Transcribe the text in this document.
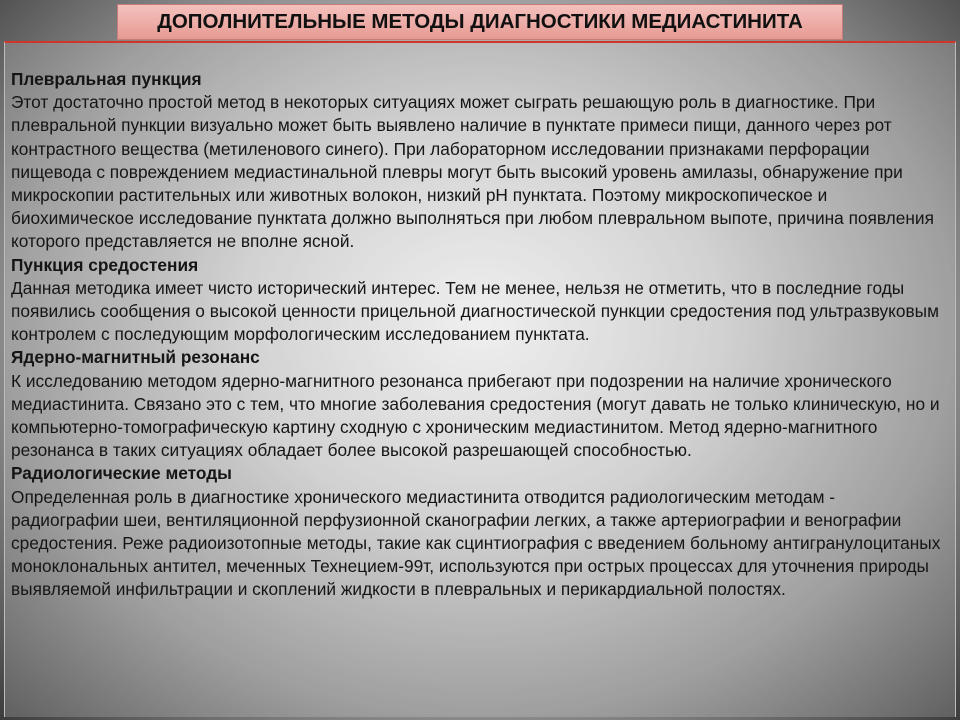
ДОПОЛНИТЕЛЬНЫЕ МЕТОДЫ ДИАГНОСТИКИ МЕДИАСТИНИТА

Плевральная пункция

Этот достаточно простой метод в некоторых ситуациях может сыграть решающую роль в диагностике. При плевральной пункции визуально может быть выявлено наличие в пунктате примеси пищи, данного через рот контрастного вещества (метиленового синего). При лабораторном исследовании признаками перфорации пищевода с повреждением медиастинальной плевры могут быть высокий уровень амилазы, обнаружение при микроскопии растительных или животных волокон, низкий рН пунктата. Поэтому микроскопическое и биохимическое исследование пунктата должно выполняться при любом плевральном выпоте, причина появления которого представляется не вполне ясной.

Пункция средостения

Данная методика имеет чисто исторический интерес. Тем не менее, нельзя не отметить, что в последние годы появились сообщения о высокой ценности прицельной диагностической пункции средостения под ультразвуковым контролем с последующим морфологическим исследованием пунктата.

Ядерно-магнитный резонанс

К исследованию методом ядерно-магнитного резонанса прибегают при подозрении на наличие хронического медиастинита. Связано это с тем, что многие заболевания средостения (могут давать не только клиническую, но и компьютерно-томографическую картину сходную с хроническим медиастинитом. Метод ядерно-магнитного резонанса в таких ситуациях обладает более высокой разрешающей способностью.

Радиологические методы

Определенная роль в диагностике хронического медиастинита отводится радиологическим методам - радиографии шеи, вентиляционной перфузионной сканографии легких, а также артериографии и венографии средостения. Реже радиоизотопные методы, такие как сцинтиография с введением больному антигранулоцитаных моноклональных антител, меченных Технецием-99т, используются при острых процессах для уточнения природы выявляемой инфильтрации и скоплений жидкости в плевральных и перикардиальной полостях.
